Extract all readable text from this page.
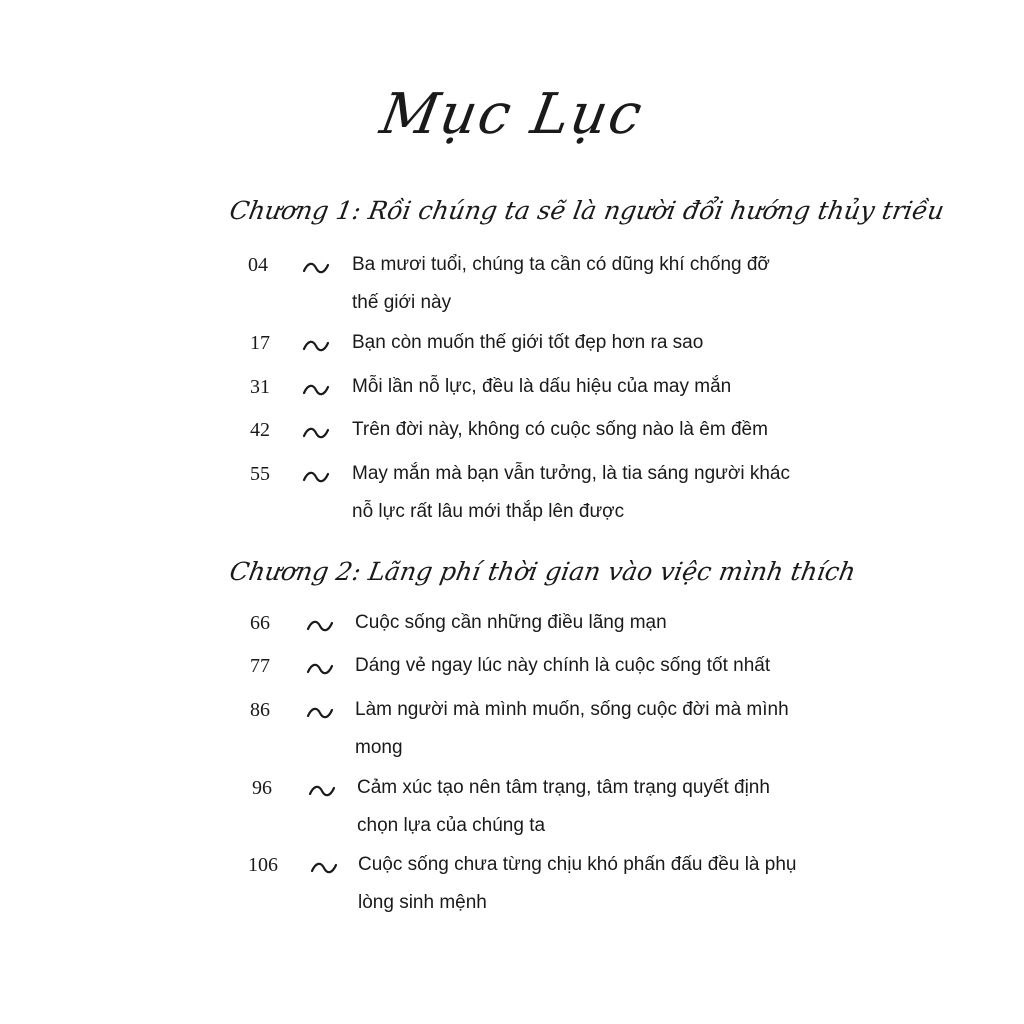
Mục Lục
Chương 1: Rồi chúng ta sẽ là người đổi hướng thủy triều
04	Ba mươi tuổi, chúng ta cần có dũng khí chống đỡ thế giới này
17	Bạn còn muốn thế giới tốt đẹp hơn ra sao
31	Mỗi lần nỗ lực, đều là dấu hiệu của may mắn
42	Trên đời này, không có cuộc sống nào là êm đềm
55	May mắn mà bạn vẫn tưởng, là tia sáng người khác nỗ lực rất lâu mới thắp lên được
Chương 2: Lãng phí thời gian vào việc mình thích
66	Cuộc sống cần những điều lãng mạn
77	Dáng vẻ ngay lúc này chính là cuộc sống tốt nhất
86	Làm người mà mình muốn, sống cuộc đời mà mình mong
96	Cảm xúc tạo nên tâm trạng, tâm trạng quyết định chọn lựa của chúng ta
106	Cuộc sống chưa từng chịu khó phấn đấu đều là phụ lòng sinh mệnh
